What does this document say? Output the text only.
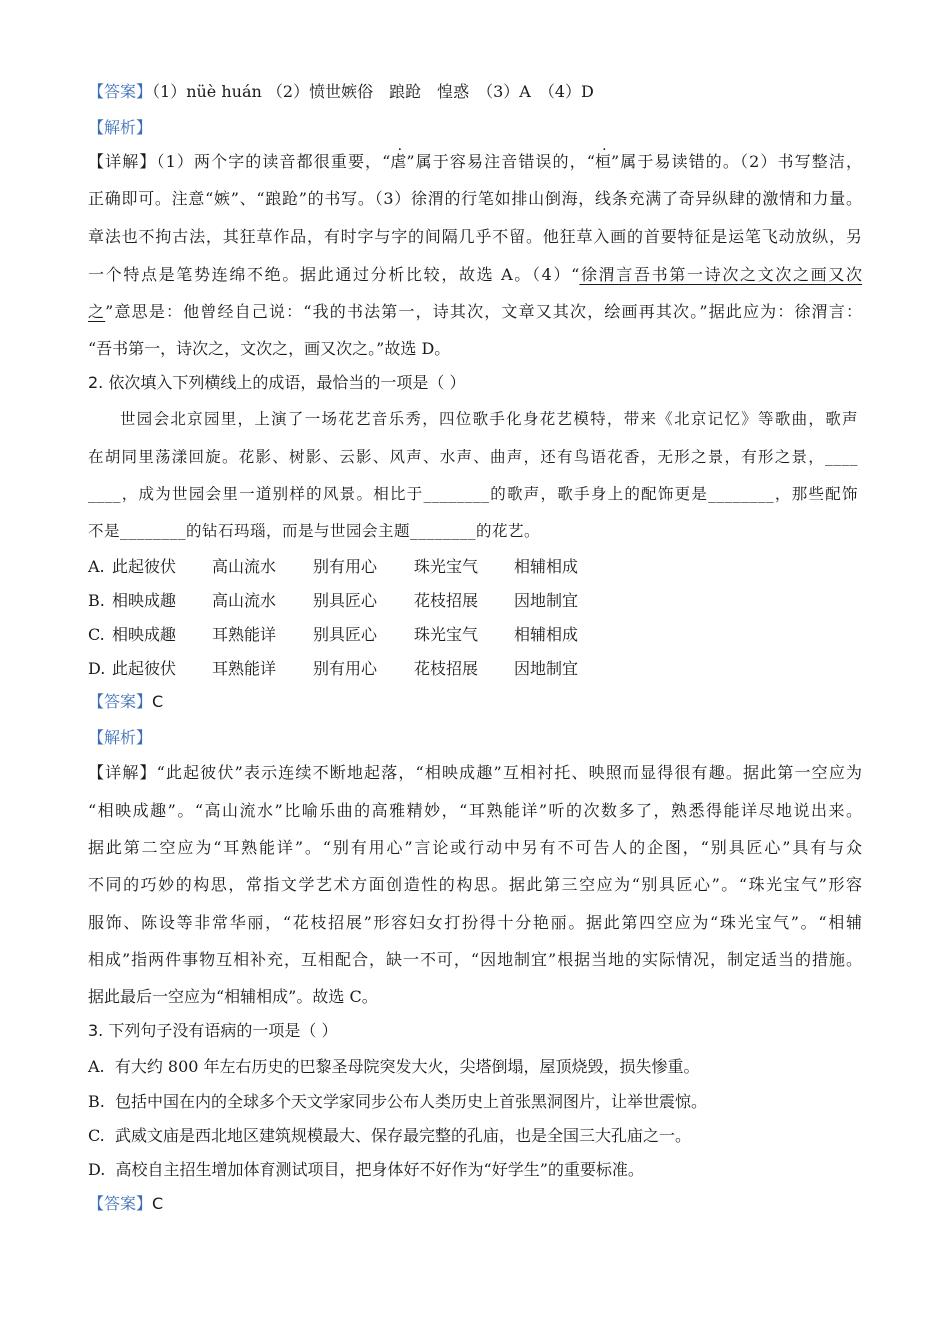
【答案】（1）nüè huán （2）愤世嫉俗　踉跄　惶惑　（3）A　（4）D
【解析】
【详解】（1）两个字的读音都很重要，“虐”属于容易注音错误的，“桓”属于易读错的。（2）书写整洁，
正确即可。注意“嫉”、“踉跄”的书写。（3）徐渭的行笔如排山倒海，线条充满了奇异纵肆的激情和力量。
章法也不拘古法，其狂草作品，有时字与字的间隔几乎不留。他狂草入画的首要特征是运笔飞动放纵，另
一个特点是笔势连绵不绝。据此通过分析比较，故选 A。（4）“徐渭言吾书第一诗次之文次之画又次
之”意思是：他曾经自己说：“我的书法第一，诗其次，文章又其次，绘画再其次。”据此应为：徐渭言：
“吾书第一，诗次之，文次之，画又次之。”故选 D。
2. 依次填入下列横线上的成语，最恰当的一项是（ ）
世园会北京园里，上演了一场花艺音乐秀，四位歌手化身花艺模特，带来《北京记忆》等歌曲，歌声
在胡同里荡漾回旋。花影、树影、云影、风声、水声、曲声，还有鸟语花香，无形之景，有形之景，____
____，成为世园会里一道别样的风景。相比于________的歌声，歌手身上的配饰更是________，那些配饰
不是________的钻石玛瑙，而是与世园会主题________的花艺。
A. 此起彼伏 高山流水 别有用心 珠光宝气 相辅相成
B. 相映成趣 高山流水 别具匠心 花枝招展 因地制宜
C. 相映成趣 耳熟能详 别具匠心 珠光宝气 相辅相成
D. 此起彼伏 耳熟能详 别有用心 花枝招展 因地制宜
【答案】C
【解析】
【详解】“此起彼伏”表示连续不断地起落，“相映成趣”互相衬托、映照而显得很有趣。据此第一空应为
“相映成趣”。“高山流水”比喻乐曲的高雅精妙，“耳熟能详”听的次数多了，熟悉得能详尽地说出来。
据此第二空应为“耳熟能详”。“别有用心”言论或行动中另有不可告人的企图，“别具匠心”具有与众
不同的巧妙的构思，常指文学艺术方面创造性的构思。据此第三空应为“别具匠心”。“珠光宝气”形容
服饰、陈设等非常华丽，“花枝招展”形容妇女打扮得十分艳丽。据此第四空应为“珠光宝气”。“相辅
相成”指两件事物互相补充，互相配合，缺一不可，“因地制宜”根据当地的实际情况，制定适当的措施。
据此最后一空应为“相辅相成”。故选 C。
3. 下列句子没有语病的一项是（ ）
A. 有大约 800 年左右历史的巴黎圣母院突发大火，尖塔倒塌，屋顶烧毁，损失惨重。
B. 包括中国在内的全球多个天文学家同步公布人类历史上首张黑洞图片，让举世震惊。
C. 武威文庙是西北地区建筑规模最大、保存最完整的孔庙，也是全国三大孔庙之一。
D. 高校自主招生增加体育测试项目，把身体好不好作为“好学生”的重要标准。
【答案】C
